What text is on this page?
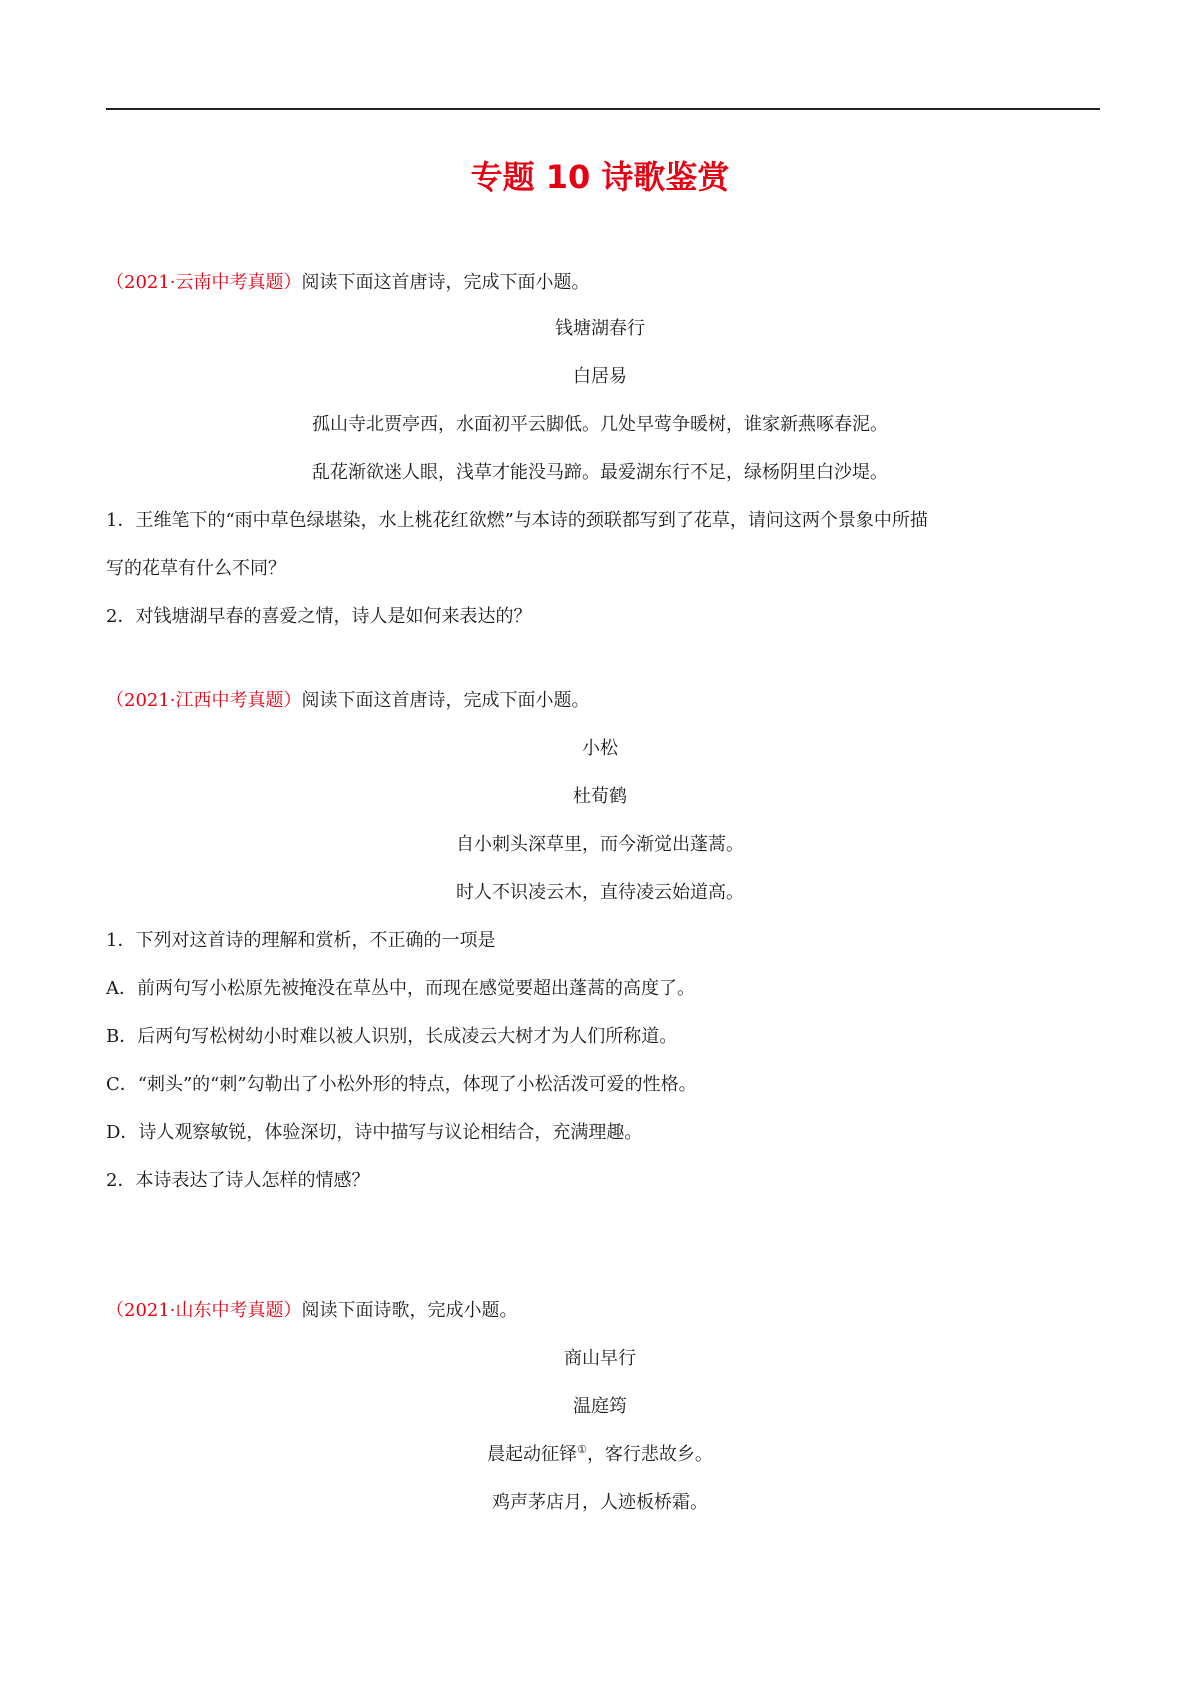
专题 10 诗歌鉴赏
（2021·云南中考真题）阅读下面这首唐诗，完成下面小题。
钱塘湖春行
白居易
孤山寺北贾亭西，水面初平云脚低。几处早莺争暖树，谁家新燕啄春泥。
乱花渐欲迷人眼，浅草才能没马蹄。最爱湖东行不足，绿杨阴里白沙堤。
1．王维笔下的“雨中草色绿堪染，水上桃花红欲燃”与本诗的颈联都写到了花草，请问这两个景象中所描
写的花草有什么不同？
2．对钱塘湖早春的喜爱之情，诗人是如何来表达的？
（2021·江西中考真题）阅读下面这首唐诗，完成下面小题。
小松
杜荀鹤
自小刺头深草里，而今渐觉出蓬蒿。
时人不识凌云木，直待凌云始道高。
1．下列对这首诗的理解和赏析，不正确的一项是
A．前两句写小松原先被掩没在草丛中，而现在感觉要超出蓬蒿的高度了。
B．后两句写松树幼小时难以被人识别，长成凌云大树才为人们所称道。
C．“刺头”的“刺”勾勒出了小松外形的特点，体现了小松活泼可爱的性格。
D．诗人观察敏锐，体验深切，诗中描写与议论相结合，充满理趣。
2．本诗表达了诗人怎样的情感？
（2021·山东中考真题）阅读下面诗歌，完成小题。
商山早行
温庭筠
晨起动征铎①，客行悲故乡。
鸡声茅店月，人迹板桥霜。
